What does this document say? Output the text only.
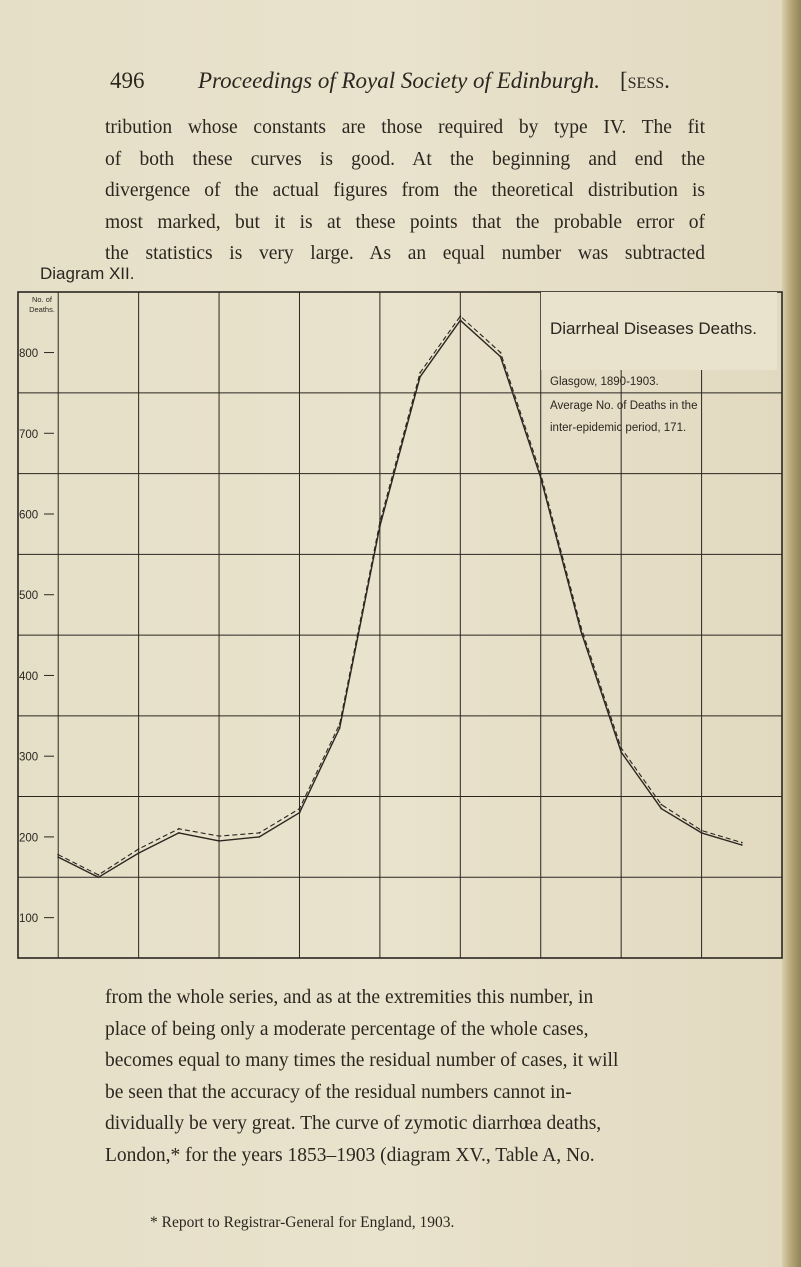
496 Proceedings of Royal Society of Edinburgh. [sess.
tribution whose constants are those required by type IV. The fit
of both these curves is good. At the beginning and end the
divergence of the actual figures from the theoretical distribution is
most marked, but it is at these points that the probable error of
the statistics is very large. As an equal number was subtracted
Diagram XII.
No. of
Deaths.
800
700
600
500
400
300
200
100
Diarrheal Diseases Deaths.
Glasgow, 1890-1903.
Average No. of Deaths in the
inter-epidemic period, 171.
from the whole series, and as at the extremities this number, in
place of being only a moderate percentage of the whole cases,
becomes equal to many times the residual number of cases, it will
be seen that the accuracy of the residual numbers cannot in-
dividually be very great. The curve of zymotic diarrhœa deaths,
London,* for the years 1853–1903 (diagram XV., Table A, No.
* Report to Registrar-General for England, 1903.
